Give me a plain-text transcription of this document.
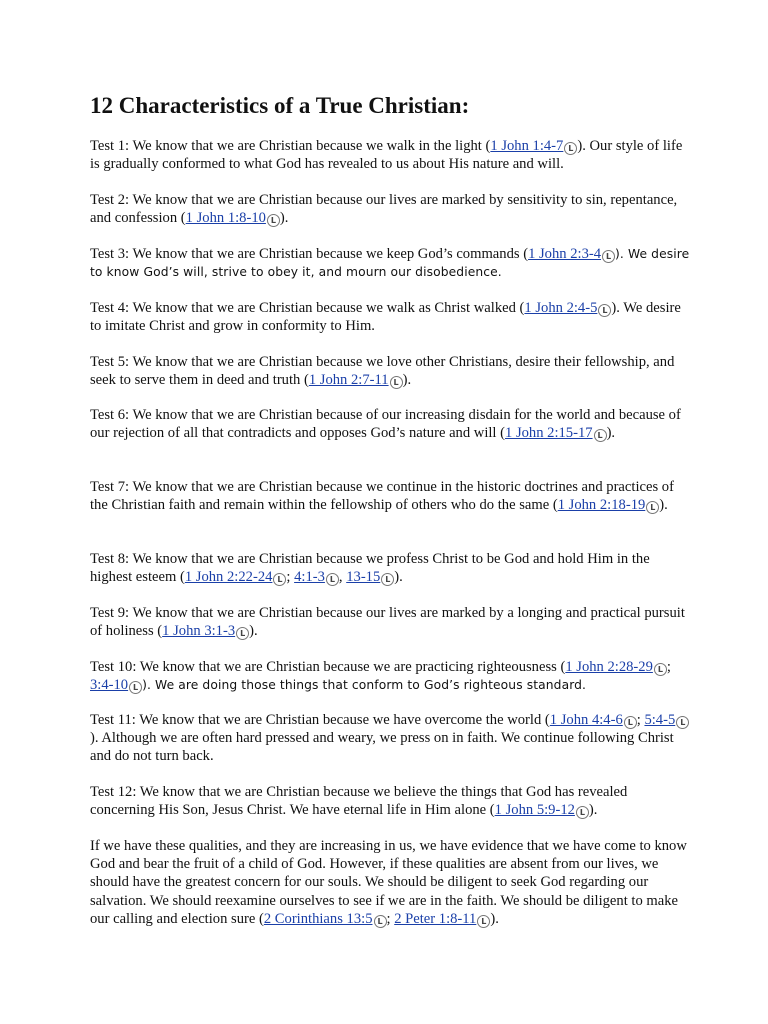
12 Characteristics of a True Christian:

Test 1: We know that we are Christian because we walk in the light (1 John 1:4-7 L ). Our style of life is gradually conformed to what God has revealed to us about His nature and will.

Test 2: We know that we are Christian because our lives are marked by sensitivity to sin, repentance, and confession (1 John 1:8-10 L ).

Test 3: We know that we are Christian because we keep God’s commands (1 John 2:3-4 L ). We desire to know God’s will, strive to obey it, and mourn our disobedience.

Test 4: We know that we are Christian because we walk as Christ walked (1 John 2:4-5 L ). We desire to imitate Christ and grow in conformity to Him.

Test 5: We know that we are Christian because we love other Christians, desire their fellowship, and seek to serve them in deed and truth (1 John 2:7-11 L ).

Test 6: We know that we are Christian because of our increasing disdain for the world and because of our rejection of all that contradicts and opposes God’s nature and will (1 John 2:15-17 L ).

Test 7: We know that we are Christian because we continue in the historic doctrines and practices of the Christian faith and remain within the fellowship of others who do the same (1 John 2:18-19 L ).

Test 8: We know that we are Christian because we profess Christ to be God and hold Him in the highest esteem (1 John 2:22-24 L ; 4:1-3 L , 13-15 L ).

Test 9: We know that we are Christian because our lives are marked by a longing and practical pursuit of holiness (1 John 3:1-3 L ).

Test 10: We know that we are Christian because we are practicing righteousness (1 John 2:28-29 L ; 3:4-10 L ). We are doing those things that conform to God’s righteous standard.

Test 11: We know that we are Christian because we have overcome the world (1 John 4:4-6 L ; 5:4-5 L). Although we are often hard pressed and weary, we press on in faith. We continue following Christ and do not turn back.

Test 12: We know that we are Christian because we believe the things that God has revealed concerning His Son, Jesus Christ. We have eternal life in Him alone (1 John 5:9-12 L ).

If we have these qualities, and they are increasing in us, we have evidence that we have come to know God and bear the fruit of a child of God. However, if these qualities are absent from our lives, we should have the greatest concern for our souls. We should be diligent to seek God regarding our salvation. We should reexamine ourselves to see if we are in the faith. We should be diligent to make our calling and election sure (2 Corinthians 13:5 L ; 2 Peter 1:8-11 L ).
